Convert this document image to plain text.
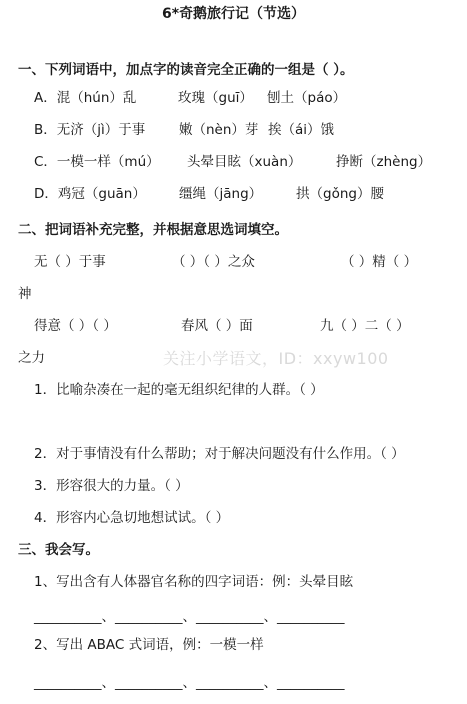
6*奇鹅旅行记（节选）
关注小学语文，ID：xxyw100
一、下列词语中，加点字的读音完全正确的一组是（ ）。
A．混（hún）乱	玫瑰（guī） 刨土（páo）
B．无济（jì）于事 嫩（nèn）芽 挨（ái）饿
C．一模一样（mú） 头晕目眩（xuàn）	挣断（zhèng）
D．鸡冠（guān） 缰绳（jāng）	拱（gǒng）腰
二、把词语补充完整，并根据意思选词填空。
无（ ）于事	（ ）（ ）之众	（ ）精（ ）
神
得意（ ）（ ）	春风（ ）面	九（ ）二（ ）
之力
1．比喻杂凑在一起的毫无组织纪律的人群。（ ）
2．对于事情没有什么帮助；对于解决问题没有什么作用。（ ）
3．形容很大的力量。（ ）
4．形容内心急切地想试试。（ ）
三、我会写。
1、写出含有人体器官名称的四字词语：例：头晕目眩
__________、__________、__________、__________
2、写出 ABAC 式词语，例：一模一样
__________、__________、__________、__________
